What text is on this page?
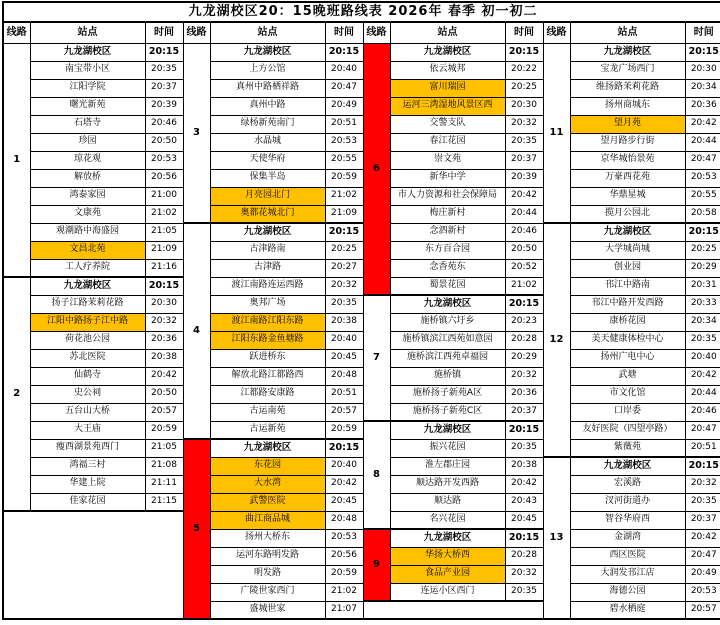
九龙湖校区20：15晚班路线表 2026年 春季 初一初二											
线路	站点	时间	线路	站点	时间	线路	站点	时间	线路	站点	时间
1	九龙湖校区	20:15	3	九龙湖校区	20:15	6	九龙湖校区	20:15	11	九龙湖校区	20:15
	南宝带小区	20:35		上方公馆	20:40		依云城邦	20:22		宝龙广场西门	20:30
	江阳学院	20:37		真州中路栖祥路	20:47		富川瑞园	20:25		维扬路茉莉花路	20:34
	曙光新苑	20:39		真州中路	20:49		运河三湾湿地风景区西	20:30		扬州商城东	20:36
	石塔寺	20:46		绿杨新苑南门	20:51		交警支队	20:32		望月苑	20:42
	珍园	20:50		水晶城	20:53		春江花园	20:35		望月路步行街	20:44
	琼花观	20:53		天使华府	20:55		崇文苑	20:37		京华城怡景苑	20:47
	解放桥	20:56		保集半岛	20:59		新华中学	20:39		万豪西花苑	20:53
	鸿泰家园	21:00		月亮园北门	21:02		市人力资源和社会保障局	20:42		华鼎星城	20:55
	文康苑	21:02		奥都花城北门	21:09		梅庄新村	20:44		揽月公园北	20:58
	观潮路中海盛园	21:05	4	九龙湖校区	20:15		念泗新村	20:46	12	九龙湖校区	20:15
	文昌北苑	21:09		古津路南	20:25		东方百合园	20:50		大学城尚城	20:25
	工人疗养院	21:16		古津路	20:27		念香苑东	20:52		创业园	20:29
2	九龙湖校区	20:15		渡江南路连运西路	20:32		蜀景花园	21:02		邗江中路南	20:31
	扬子江路茉莉花路	20:30		奥邦广场	20:35	7	九龙湖校区	20:15		邗江中路开发西路	20:33
	江阳中路扬子江中路	20:32		渡江南路江阳东路	20:38		施桥镇六圩乡	20:23		康桥花园	20:34
	荷花池公园	20:36		江阳东路金鱼塘路	20:40		施桥镇滨江西苑如意园	20:28		美天健康体检中心	20:35
	苏北医院	20:38		跃进桥东	20:45		施桥滨江西苑卓福园	20:29		扬州广电中心	20:40
	仙鹤寺	20:42		解放北路江都路西	20:48		施桥镇	20:32		武塘	20:42
	史公祠	20:50		江都路安康路	20:51		施桥扬子新苑A区	20:36		市文化馆	20:44
	五台山大桥	20:57		古运南苑	20:57		施桥扬子新苑C区	20:37		口岸委	20:46
	大王庙	20:59		古运新苑	20:59	8	九龙湖校区	20:15		友好医院（四望亭路）	20:47
	瘦西湖景苑西门	21:05	5	九龙湖校区	20:15		振兴花园	20:35		紫薇苑	20:51
	鸿福三村	21:08		东花园	20:40		淮左郡庄园	20:38	13	九龙湖校区	20:15
	华建上院	21:11		大水湾	20:42		顺达路开发西路	20:42		宏溪路	20:32
	佳家花园	21:15		武警医院	20:45		顺达路	20:43		汊河街道办	20:35
				曲江商品城	20:48		名兴花园	20:45		智谷华府西	20:37
				扬州大桥东	20:53	9	九龙湖校区	20:15		金湖湾	20:42
				运河东路明发路	20:56		华扬大桥西	20:28		西区医院	20:47
				明发路	20:59		食品产业园	20:32		大润发邗江店	20:49
				广陵世家西门	21:02		连运小区西门	20:35		海德公园	20:53
				盛城世家	21:07					碧水栖庭	20:57
